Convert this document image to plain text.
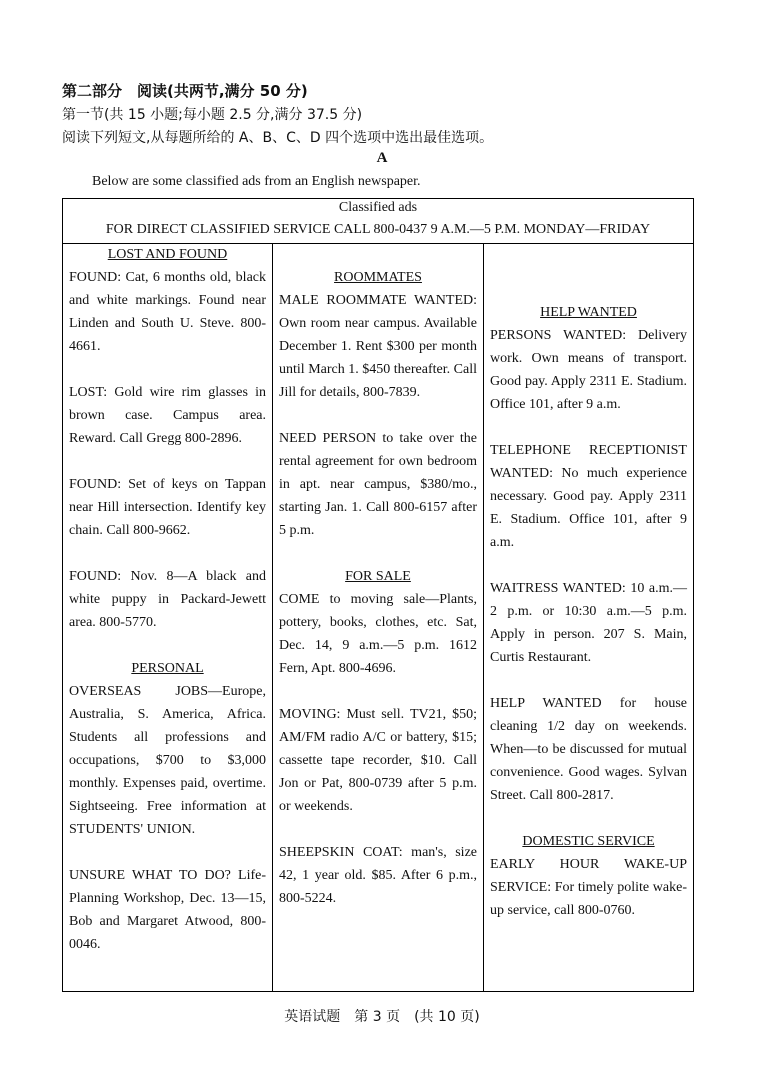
第二部分　阅读(共两节,满分 50 分)
第一节(共 15 小题;每小题 2.5 分,满分 37.5 分)
阅读下列短文,从每题所给的 A、B、C、D 四个选项中选出最佳选项。
A
Below are some classified ads from an English newspaper.
Classified ads
FOR DIRECT CLASSIFIED SERVICE CALL 800-0437 9 A.M.—5 P.M. MONDAY—FRIDAY
LOST AND FOUND
FOUND: Cat, 6 months old, black and white markings. Found near Linden and South U. Steve. 800-4661.
LOST: Gold wire rim glasses in brown case. Campus area. Reward. Call Gregg 800-2896.
FOUND: Set of keys on Tappan near Hill intersection. Identify key chain. Call 800-9662.
FOUND: Nov. 8—A black and white puppy in Packard-Jewett area. 800-5770.
PERSONAL
OVERSEAS JOBS—Europe, Australia, S. America, Africa. Students all professions and occupations, $700 to $3,000 monthly. Expenses paid, overtime. Sightseeing. Free information at STUDENTS' UNION.
UNSURE WHAT TO DO? Life-Planning Workshop, Dec. 13—15, Bob and Margaret Atwood, 800-0046.
ROOMMATES
MALE ROOMMATE WANTED: Own room near campus. Available December 1. Rent $300 per month until March 1. $450 thereafter. Call Jill for details, 800-7839.
NEED PERSON to take over the rental agreement for own bedroom in apt. near campus, $380/mo., starting Jan. 1. Call 800-6157 after 5 p.m.
FOR SALE
COME to moving sale—Plants, pottery, books, clothes, etc. Sat, Dec. 14, 9 a.m.—5 p.m. 1612 Fern, Apt. 800-4696.
MOVING: Must sell. TV21, $50; AM/FM radio A/C or battery, $15; cassette tape recorder, $10. Call Jon or Pat, 800-0739 after 5 p.m. or weekends.
SHEEPSKIN COAT: man's, size 42, 1 year old. $85. After 6 p.m., 800-5224.
HELP WANTED
PERSONS WANTED: Delivery work. Own means of transport. Good pay. Apply 2311 E. Stadium. Office 101, after 9 a.m.
TELEPHONE RECEPTIONIST WANTED: No much experience necessary. Good pay. Apply 2311 E. Stadium. Office 101, after 9 a.m.
WAITRESS WANTED: 10 a.m.—2 p.m. or 10:30 a.m.—5 p.m. Apply in person. 207 S. Main, Curtis Restaurant.
HELP WANTED for house cleaning 1/2 day on weekends. When—to be discussed for mutual convenience. Good wages. Sylvan Street. Call 800-2817.
DOMESTIC SERVICE
EARLY HOUR WAKE-UP SERVICE: For timely polite wake-up service, call 800-0760.
英语试题　第 3 页　(共 10 页)
